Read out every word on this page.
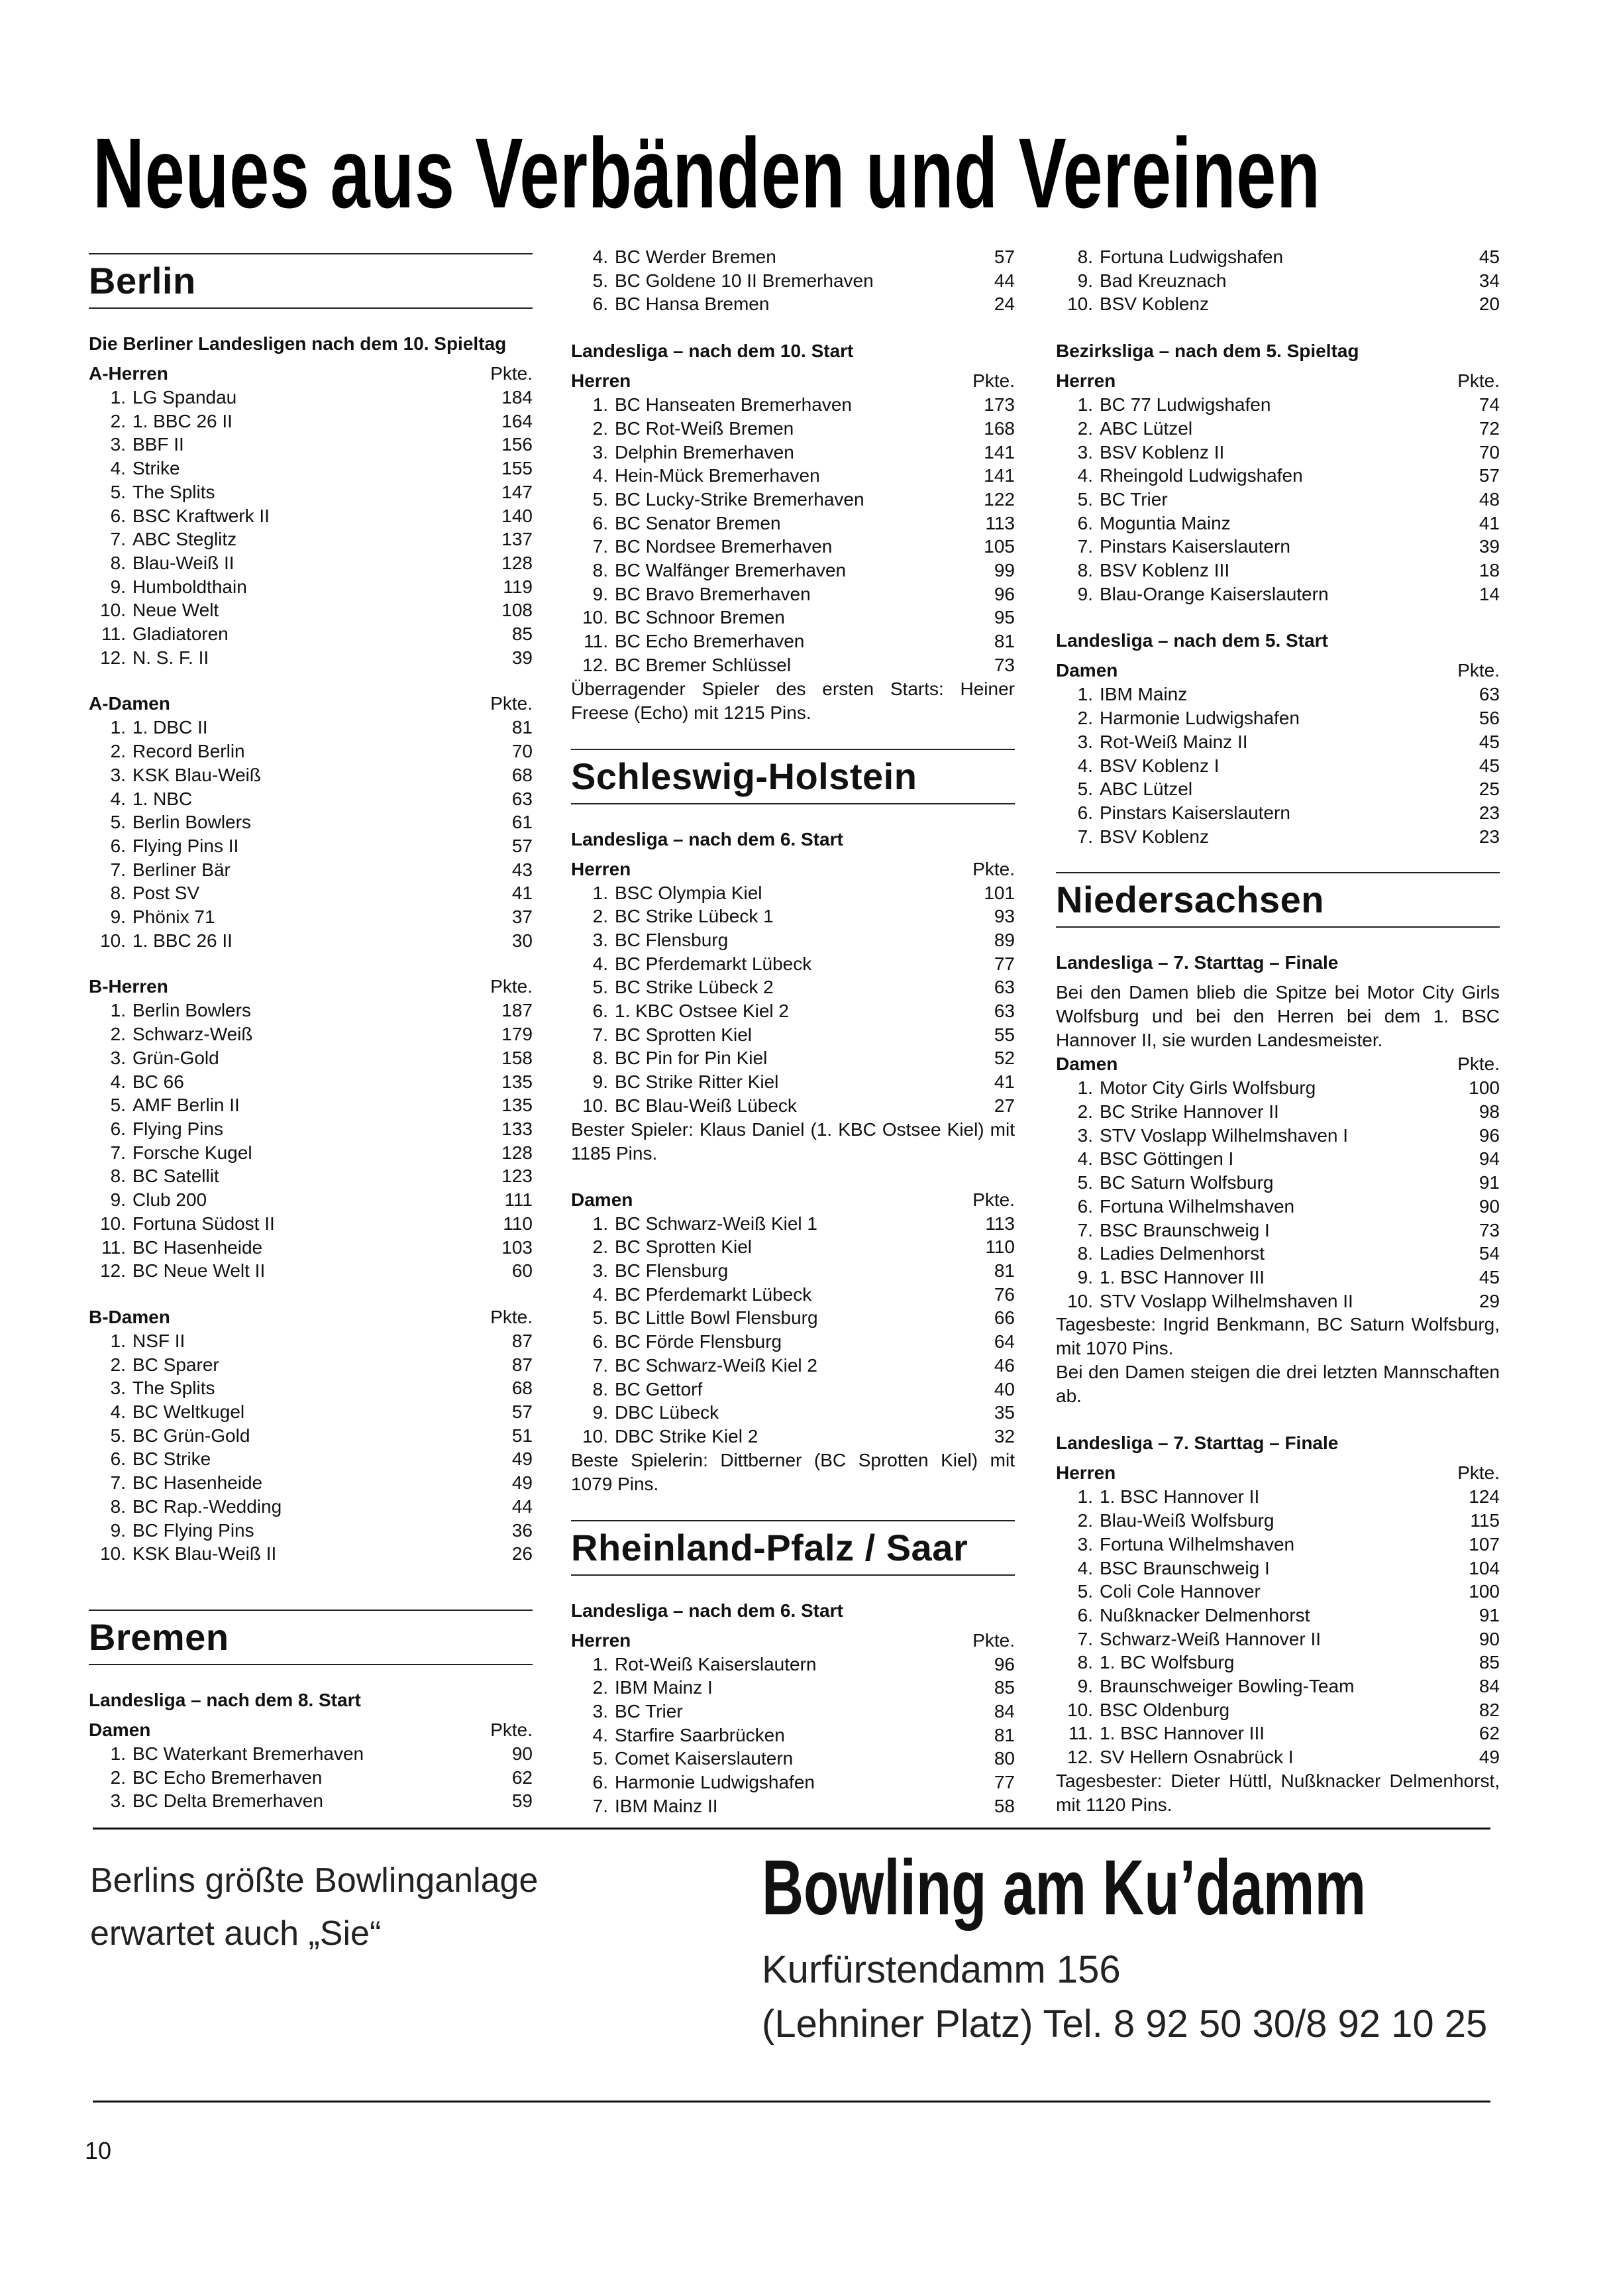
Neues aus Verbänden und Vereinen
Berlin
Die Berliner Landesligen nach dem 10. Spieltag
A-Herren	Pkte.
1. LG Spandau	184
2. 1. BBC 26 II	164
3. BBF II	156
4. Strike	155
5. The Splits	147
6. BSC Kraftwerk II	140
7. ABC Steglitz	137
8. Blau-Weiß II	128
9. Humboldthain	119
10. Neue Welt	108
11. Gladiatoren	85
12. N. S. F. II	39
A-Damen	Pkte.
1. 1. DBC II	81
2. Record Berlin	70
3. KSK Blau-Weiß	68
4. 1. NBC	63
5. Berlin Bowlers	61
6. Flying Pins II	57
7. Berliner Bär	43
8. Post SV	41
9. Phönix 71	37
10. 1. BBC 26 II	30
B-Herren	Pkte.
1. Berlin Bowlers	187
2. Schwarz-Weiß	179
3. Grün-Gold	158
4. BC 66	135
5. AMF Berlin II	135
6. Flying Pins	133
7. Forsche Kugel	128
8. BC Satellit	123
9. Club 200	111
10. Fortuna Südost II	110
11. BC Hasenheide	103
12. BC Neue Welt II	60
B-Damen	Pkte.
1. NSF II	87
2. BC Sparer	87
3. The Splits	68
4. BC Weltkugel	57
5. BC Grün-Gold	51
6. BC Strike	49
7. BC Hasenheide	49
8. BC Rap.-Wedding	44
9. BC Flying Pins	36
10. KSK Blau-Weiß II	26
Bremen
Landesliga – nach dem 8. Start
Damen	Pkte.
1. BC Waterkant Bremerhaven	90
2. BC Echo Bremerhaven	62
3. BC Delta Bremerhaven	59
4. BC Werder Bremen	57
5. BC Goldene 10 II Bremerhaven	44
6. BC Hansa Bremen	24
Landesliga – nach dem 10. Start
Herren	Pkte.
1. BC Hanseaten Bremerhaven	173
2. BC Rot-Weiß Bremen	168
3. Delphin Bremerhaven	141
4. Hein-Mück Bremerhaven	141
5. BC Lucky-Strike Bremerhaven	122
6. BC Senator Bremen	113
7. BC Nordsee Bremerhaven	105
8. BC Walfänger Bremerhaven	99
9. BC Bravo Bremerhaven	96
10. BC Schnoor Bremen	95
11. BC Echo Bremerhaven	81
12. BC Bremer Schlüssel	73
Überragender Spieler des ersten Starts: Heiner Freese (Echo) mit 1215 Pins.
Schleswig-Holstein
Landesliga – nach dem 6. Start
Herren	Pkte.
1. BSC Olympia Kiel	101
2. BC Strike Lübeck 1	93
3. BC Flensburg	89
4. BC Pferdemarkt Lübeck	77
5. BC Strike Lübeck 2	63
6. 1. KBC Ostsee Kiel 2	63
7. BC Sprotten Kiel	55
8. BC Pin for Pin Kiel	52
9. BC Strike Ritter Kiel	41
10. BC Blau-Weiß Lübeck	27
Bester Spieler: Klaus Daniel (1. KBC Ostsee Kiel) mit 1185 Pins.
Damen	Pkte.
1. BC Schwarz-Weiß Kiel 1	113
2. BC Sprotten Kiel	110
3. BC Flensburg	81
4. BC Pferdemarkt Lübeck	76
5. BC Little Bowl Flensburg	66
6. BC Förde Flensburg	64
7. BC Schwarz-Weiß Kiel 2	46
8. BC Gettorf	40
9. DBC Lübeck	35
10. DBC Strike Kiel 2	32
Beste Spielerin: Dittberner (BC Sprotten Kiel) mit 1079 Pins.
Rheinland-Pfalz / Saar
Landesliga – nach dem 6. Start
Herren	Pkte.
1. Rot-Weiß Kaiserslautern	96
2. IBM Mainz I	85
3. BC Trier	84
4. Starfire Saarbrücken	81
5. Comet Kaiserslautern	80
6. Harmonie Ludwigshafen	77
7. IBM Mainz II	58
8. Fortuna Ludwigshafen	45
9. Bad Kreuznach	34
10. BSV Koblenz	20
Bezirksliga – nach dem 5. Spieltag
Herren	Pkte.
1. BC 77 Ludwigshafen	74
2. ABC Lützel	72
3. BSV Koblenz II	70
4. Rheingold Ludwigshafen	57
5. BC Trier	48
6. Moguntia Mainz	41
7. Pinstars Kaiserslautern	39
8. BSV Koblenz III	18
9. Blau-Orange Kaiserslautern	14
Landesliga – nach dem 5. Start
Damen	Pkte.
1. IBM Mainz	63
2. Harmonie Ludwigshafen	56
3. Rot-Weiß Mainz II	45
4. BSV Koblenz I	45
5. ABC Lützel	25
6. Pinstars Kaiserslautern	23
7. BSV Koblenz	23
Niedersachsen
Landesliga – 7. Starttag – Finale
Bei den Damen blieb die Spitze bei Motor City Girls Wolfsburg und bei den Herren bei dem 1. BSC Hannover II, sie wurden Landesmeister.
Damen	Pkte.
1. Motor City Girls Wolfsburg	100
2. BC Strike Hannover II	98
3. STV Voslapp Wilhelmshaven I	96
4. BSC Göttingen I	94
5. BC Saturn Wolfsburg	91
6. Fortuna Wilhelmshaven	90
7. BSC Braunschweig I	73
8. Ladies Delmenhorst	54
9. 1. BSC Hannover III	45
10. STV Voslapp Wilhelmshaven II	29
Tagesbeste: Ingrid Benkmann, BC Saturn Wolfsburg, mit 1070 Pins.
Bei den Damen steigen die drei letzten Mannschaften ab.
Landesliga – 7. Starttag – Finale
Herren	Pkte.
1. 1. BSC Hannover II	124
2. Blau-Weiß Wolfsburg	115
3. Fortuna Wilhelmshaven	107
4. BSC Braunschweig I	104
5. Coli Cole Hannover	100
6. Nußknacker Delmenhorst	91
7. Schwarz-Weiß Hannover II	90
8. 1. BC Wolfsburg	85
9. Braunschweiger Bowling-Team	84
10. BSC Oldenburg	82
11. 1. BSC Hannover III	62
12. SV Hellern Osnabrück I	49
Tagesbester: Dieter Hüttl, Nußknacker Delmenhorst, mit 1120 Pins.
Berlins größte Bowlinganlage
erwartet auch „Sie“
Bowling am Ku’damm
Kurfürstendamm 156
(Lehniner Platz) Tel. 8 92 50 30/8 92 10 25
10
